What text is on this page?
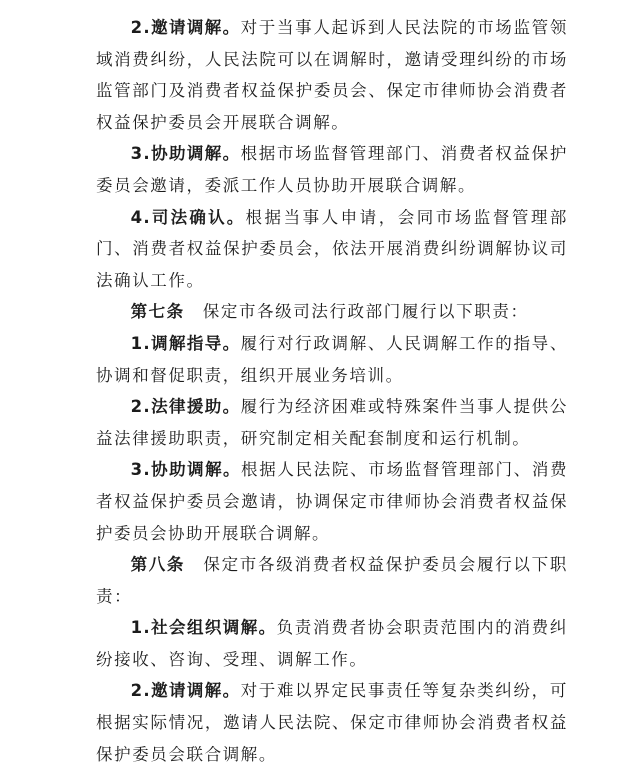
2.邀请调解。对于当事人起诉到人民法院的市场监管领域消费纠纷，人民法院可以在调解时，邀请受理纠纷的市场监管部门及消费者权益保护委员会、保定市律师协会消费者权益保护委员会开展联合调解。

3.协助调解。根据市场监督管理部门、消费者权益保护委员会邀请，委派工作人员协助开展联合调解。

4.司法确认。根据当事人申请，会同市场监督管理部门、消费者权益保护委员会，依法开展消费纠纷调解协议司法确认工作。

第七条  保定市各级司法行政部门履行以下职责：

1.调解指导。履行对行政调解、人民调解工作的指导、协调和督促职责，组织开展业务培训。

2.法律援助。履行为经济困难或特殊案件当事人提供公益法律援助职责，研究制定相关配套制度和运行机制。

3.协助调解。根据人民法院、市场监督管理部门、消费者权益保护委员会邀请，协调保定市律师协会消费者权益保护委员会协助开展联合调解。

第八条  保定市各级消费者权益保护委员会履行以下职责：

1.社会组织调解。负责消费者协会职责范围内的消费纠纷接收、咨询、受理、调解工作。

2.邀请调解。对于难以界定民事责任等复杂类纠纷，可根据实际情况，邀请人民法院、保定市律师协会消费者权益保护委员会联合调解。
